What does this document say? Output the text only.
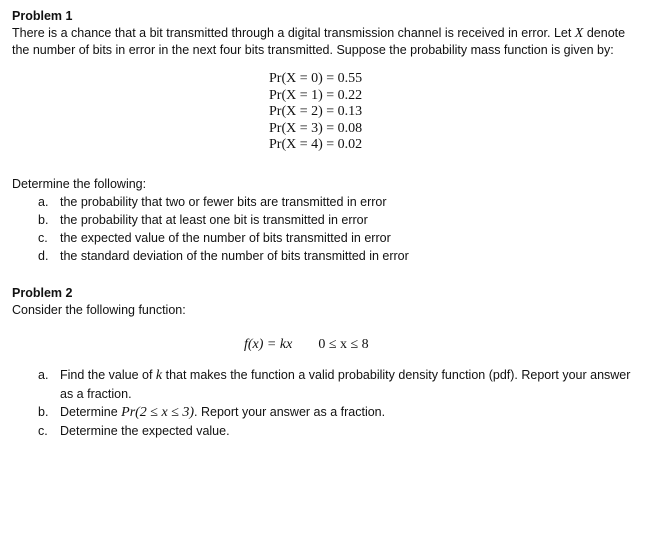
Problem 1
There is a chance that a bit transmitted through a digital transmission channel is received in error. Let X denote the number of bits in error in the next four bits transmitted. Suppose the probability mass function is given by:
Pr(X = 0) = 0.55
Pr(X = 1) = 0.22
Pr(X = 2) = 0.13
Pr(X = 3) = 0.08
Pr(X = 4) = 0.02
Determine the following:
a. the probability that two or fewer bits are transmitted in error
b. the probability that at least one bit is transmitted in error
c. the expected value of the number of bits transmitted in error
d. the standard deviation of the number of bits transmitted in error
Problem 2
Consider the following function:
f(x) = kx 0 ≤ x ≤ 8
a. Find the value of k that makes the function a valid probability density function (pdf). Report your answer as a fraction.
b. Determine Pr(2 ≤ x ≤ 3). Report your answer as a fraction.
c. Determine the expected value.
